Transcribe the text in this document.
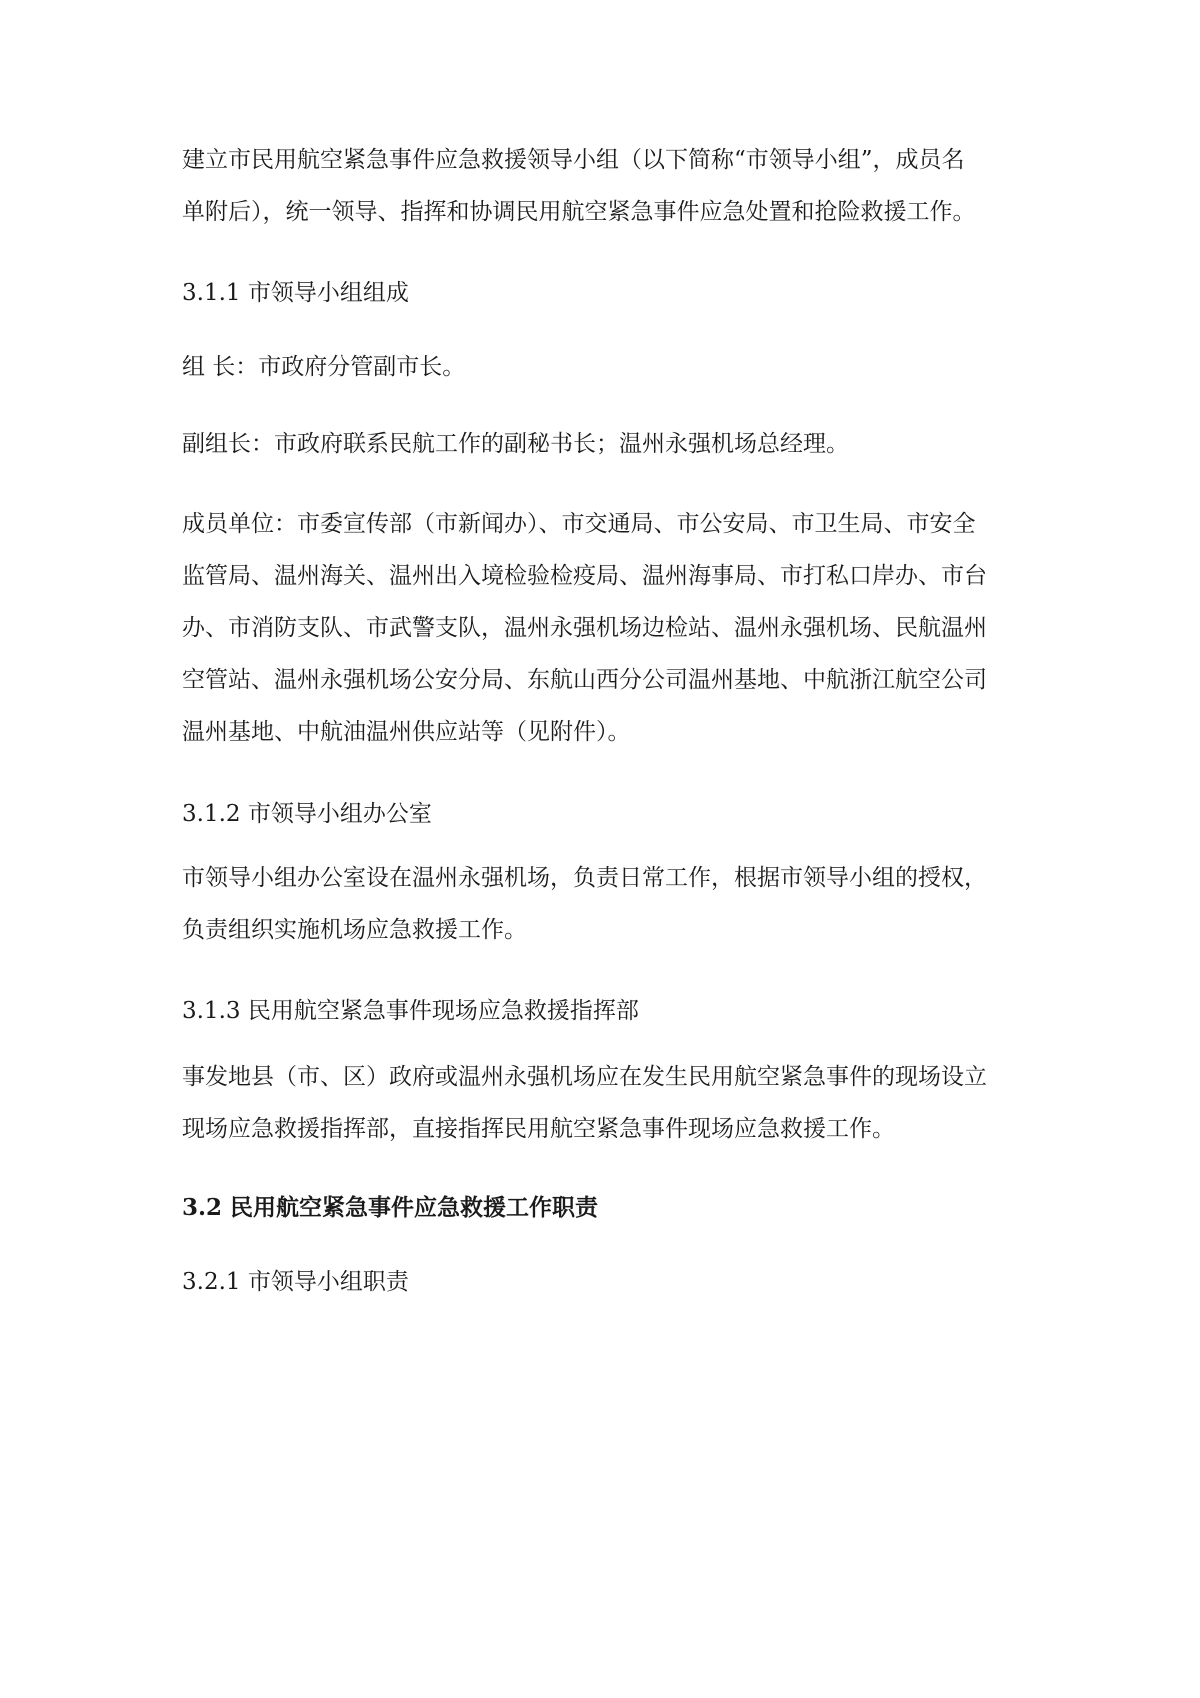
建立市民用航空紧急事件应急救援领导小组（以下简称“市领导小组”，成员名
单附后），统一领导、指挥和协调民用航空紧急事件应急处置和抢险救援工作。
3.1.1 市领导小组组成
组 长：市政府分管副市长。
副组长：市政府联系民航工作的副秘书长；温州永强机场总经理。
成员单位：市委宣传部（市新闻办）、市交通局、市公安局、市卫生局、市安全
监管局、温州海关、温州出入境检验检疫局、温州海事局、市打私口岸办、市台
办、市消防支队、市武警支队，温州永强机场边检站、温州永强机场、民航温州
空管站、温州永强机场公安分局、东航山西分公司温州基地、中航浙江航空公司
温州基地、中航油温州供应站等（见附件）。
3.1.2 市领导小组办公室
市领导小组办公室设在温州永强机场，负责日常工作，根据市领导小组的授权，
负责组织实施机场应急救援工作。
3.1.3 民用航空紧急事件现场应急救援指挥部
事发地县（市、区）政府或温州永强机场应在发生民用航空紧急事件的现场设立
现场应急救援指挥部，直接指挥民用航空紧急事件现场应急救援工作。
3.2 民用航空紧急事件应急救援工作职责
3.2.1 市领导小组职责
